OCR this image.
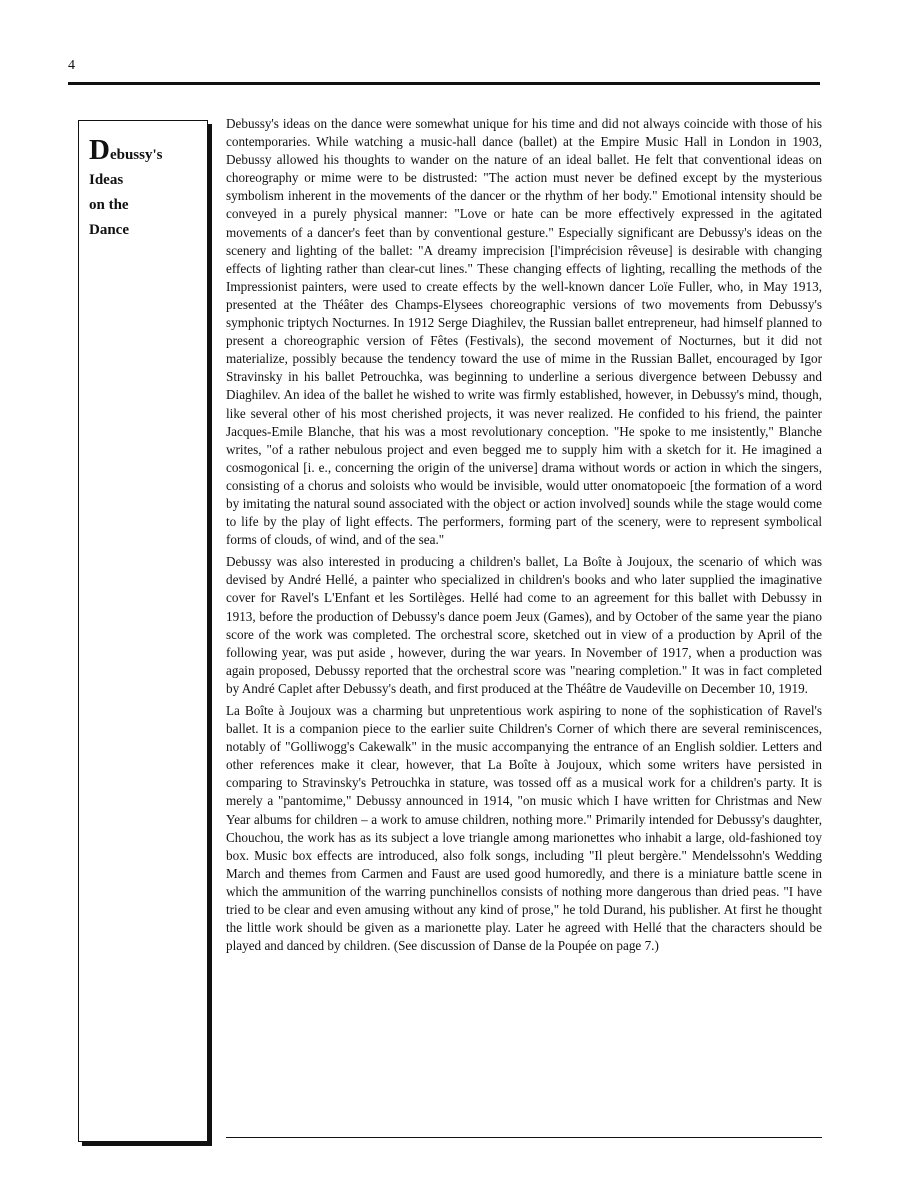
4
Debussy's
Ideas
on the
Dance

Debussy's ideas on the dance were somewhat unique for his time and did not always coincide with those of his contemporaries. While watching a music-hall dance (ballet) at the Empire Music Hall in London in 1903, Debussy allowed his thoughts to wander on the nature of an ideal ballet. He felt that conventional ideas on choreography or mime were to be distrusted: "The action must never be defined except by the mysterious symbolism inherent in the movements of the dancer or the rhythm of her body." Emotional intensity should be conveyed in a purely physical manner: "Love or hate can be more effectively expressed in the agitated movements of a dancer's feet than by conventional gesture." Especially significant are Debussy's ideas on the scenery and lighting of the ballet: "A dreamy imprecision [l'imprécision rêveuse] is desirable with changing effects of lighting rather than clear-cut lines." These changing effects of lighting, recalling the methods of the Impressionist painters, were used to create effects by the well-known dancer Loïe Fuller, who, in May 1913, presented at the Théâter des Champs-Elysees choreographic versions of two movements from Debussy's symphonic triptych Nocturnes. In 1912 Serge Diaghilev, the Russian ballet entrepreneur, had himself planned to present a choreographic version of Fêtes (Festivals), the second movement of Nocturnes, but it did not materialize, possibly because the tendency toward the use of mime in the Russian Ballet, encouraged by Igor Stravinsky in his ballet Petrouchka, was beginning to underline a serious divergence between Debussy and Diaghilev. An idea of the ballet he wished to write was firmly established, however, in Debussy's mind, though, like several other of his most cherished projects, it was never realized. He confided to his friend, the painter Jacques-Emile Blanche, that his was a most revolutionary conception. "He spoke to me insistently," Blanche writes, "of a rather nebulous project and even begged me to supply him with a sketch for it. He imagined a cosmogonical [i. e., concerning the origin of the universe] drama without words or action in which the singers, consisting of a chorus and soloists who would be invisible, would utter onomatopoeic [the formation of a word by imitating the natural sound associated with the object or action involved] sounds while the stage would come to life by the play of light effects. The performers, forming part of the scenery, were to represent symbolical forms of clouds, of wind, and of the sea."

Debussy was also interested in producing a children's ballet, La Boîte à Joujoux, the scenario of which was devised by André Hellé, a painter who specialized in children's books and who later supplied the imaginative cover for Ravel's L'Enfant et les Sortilèges. Hellé had come to an agreement for this ballet with Debussy in 1913, before the production of Debussy's dance poem Jeux (Games), and by October of the same year the piano score of the work was completed. The orchestral score, sketched out in view of a production by April of the following year, was put aside , however, during the war years. In November of 1917, when a production was again proposed, Debussy reported that the orchestral score was "nearing completion." It was in fact completed by André Caplet after Debussy's death, and first produced at the Théâtre de Vaudeville on December 10, 1919.

La Boîte à Joujoux was a charming but unpretentious work aspiring to none of the sophistication of Ravel's ballet. It is a companion piece to the earlier suite Children's Corner of which there are several reminiscences, notably of "Golliwogg's Cakewalk" in the music accompanying the entrance of an English soldier. Letters and other references make it clear, however, that La Boîte à Joujoux, which some writers have persisted in comparing to Stravinsky's Petrouchka in stature, was tossed off as a musical work for a children's party. It is merely a "pantomime," Debussy announced in 1914, "on music which I have written for Christmas and New Year albums for children – a work to amuse children, nothing more." Primarily intended for Debussy's daughter, Chouchou, the work has as its subject a love triangle among marionettes who inhabit a large, old-fashioned toy box. Music box effects are introduced, also folk songs, including "Il pleut bergère." Mendelssohn's Wedding March and themes from Carmen and Faust are used good humoredly, and there is a miniature battle scene in which the ammunition of the warring punchinellos consists of nothing more dangerous than dried peas. "I have tried to be clear and even amusing without any kind of prose," he told Durand, his publisher. At first he thought the little work should be given as a marionette play. Later he agreed with Hellé that the characters should be played and danced by children. (See discussion of Danse de la Poupée on page 7.)
